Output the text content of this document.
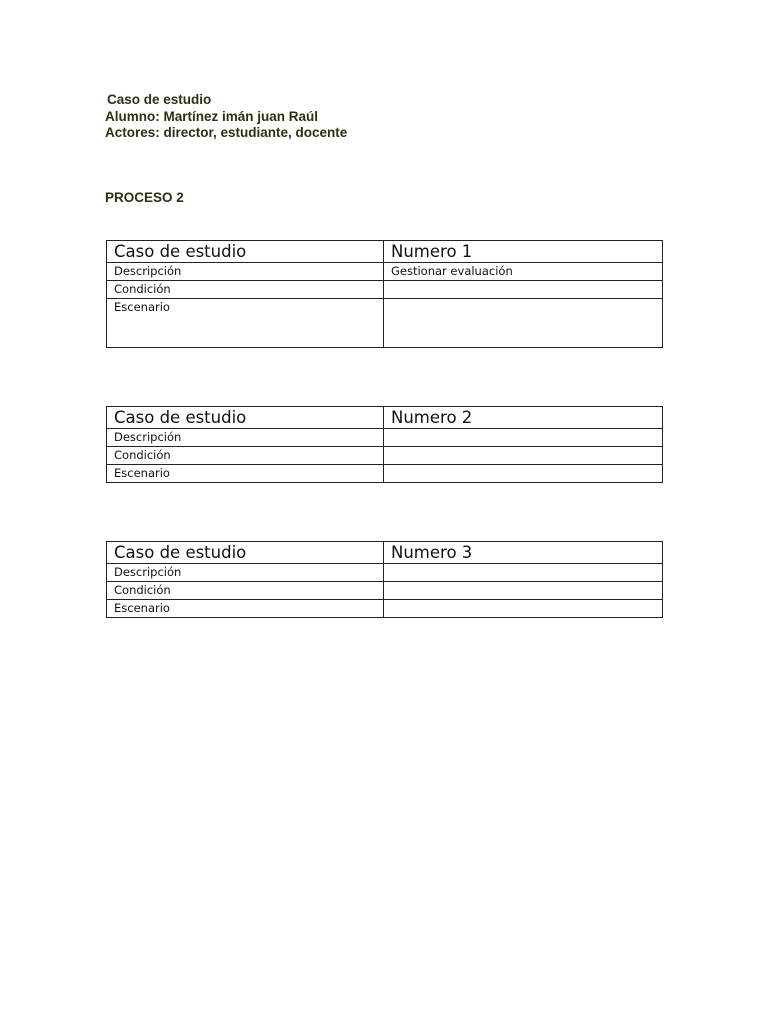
Caso de estudio
Alumno: Martínez imán juan Raúl
Actores: director, estudiante, docente
PROCESO 2
Caso de estudio	Numero 1
Descripción	Gestionar evaluación
Condición	
Escenario	
Caso de estudio	Numero 2
Descripción	
Condición	
Escenario	
Caso de estudio	Numero 3
Descripción	
Condición	
Escenario	
